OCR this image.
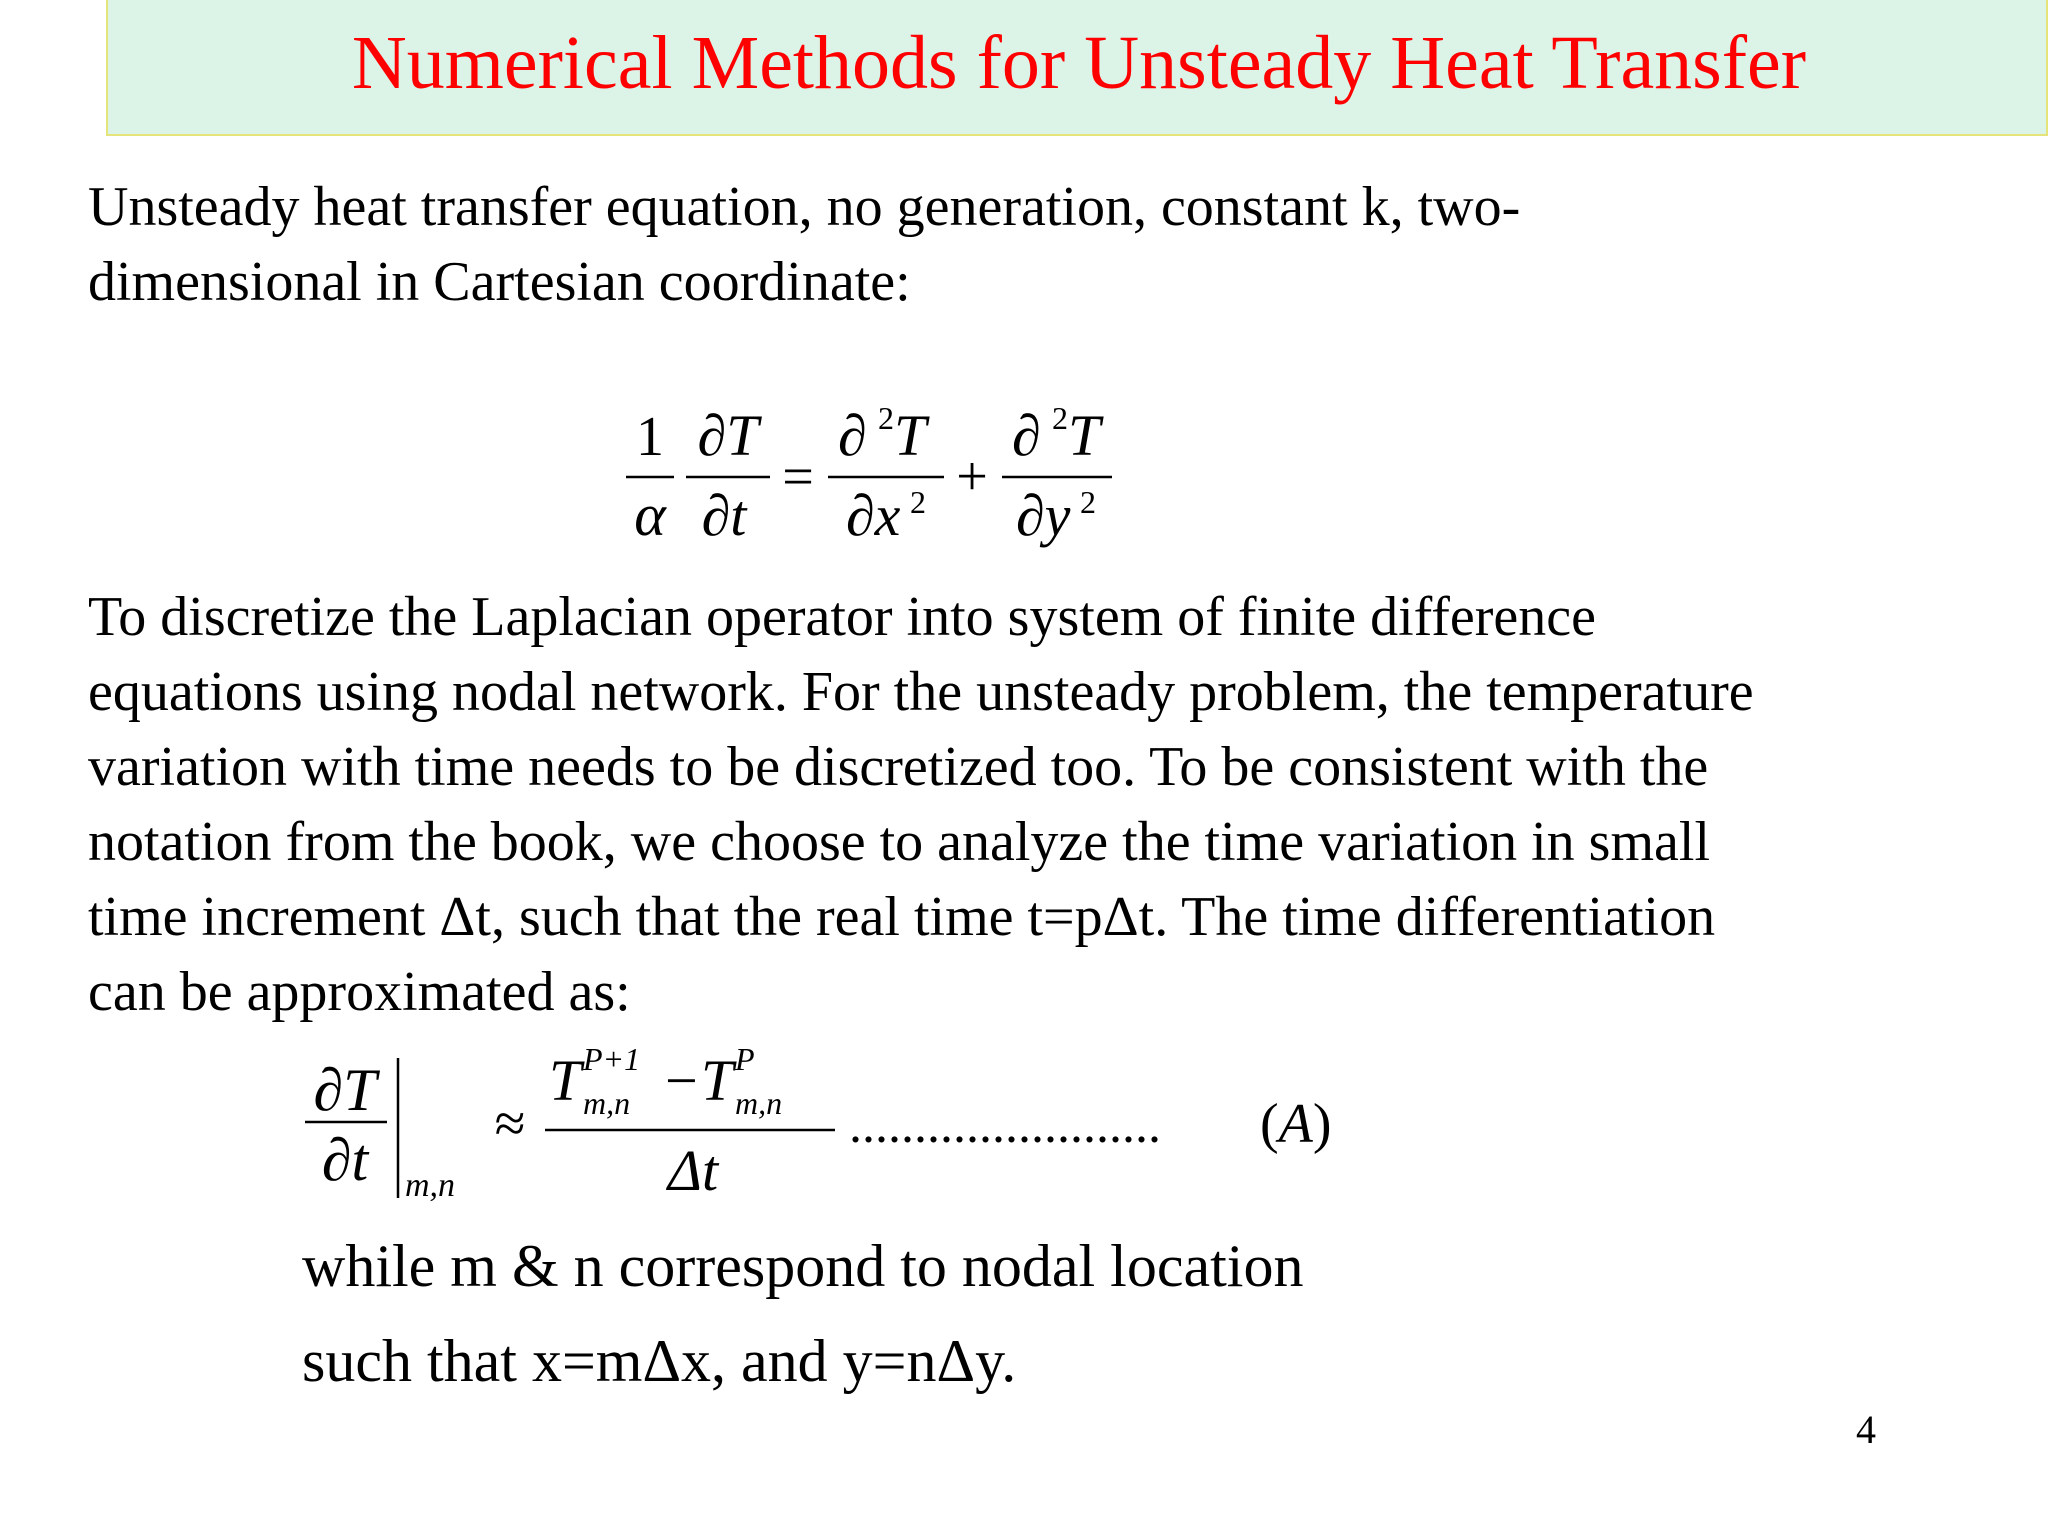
Numerical Methods for Unsteady Heat Transfer
Unsteady heat transfer equation, no generation, constant k, two-
dimensional in Cartesian coordinate:
1
α
∂T
∂t
=
∂ 2 T
∂x 2 +
∂ 2 T
∂y 2
To discretize the Laplacian operator into system of finite difference
equations using nodal network. For the unsteady problem, the temperature
variation with time needs to be discretized too. To be consistent with the
notation from the book, we choose to analyze the time variation in small
time increment Δt, such that the real time t=pΔt. The time differentiation
can be approximated as:
∂T
∂t m,n
≈
T P+1
m,n − T P
m,n
Δt
........................ (A)
while m & n correspond to nodal location
such that x=mΔx, and y=nΔy.
4
